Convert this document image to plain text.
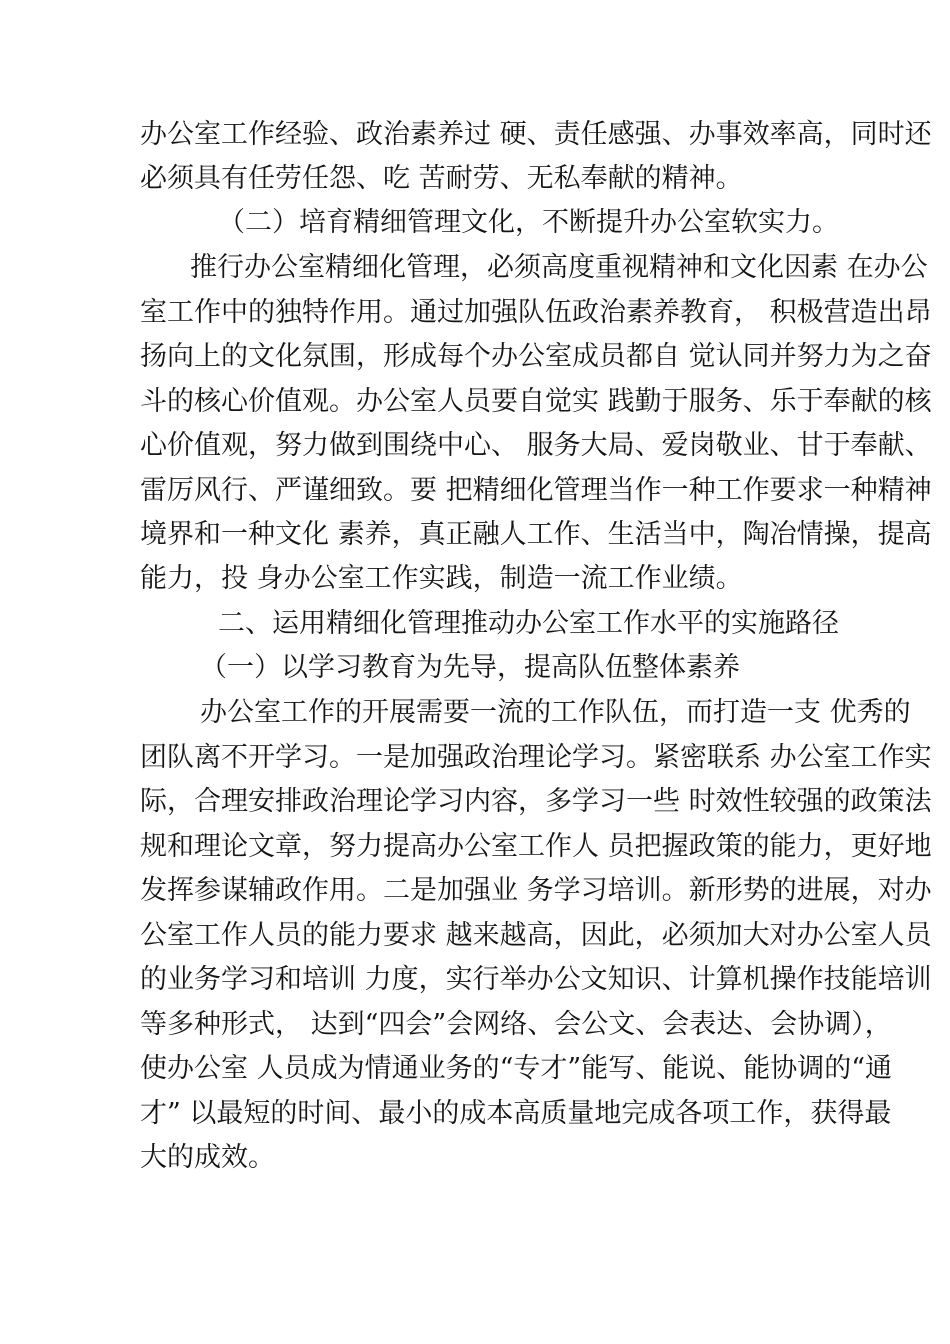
办公室工作经验、政治素养过 硬、责任感强、办事效率高，同时还
必须具有任劳任怨、吃 苦耐劳、无私奉献的精神。
（二）培育精细管理文化，不断提升办公室软实力。
推行办公室精细化管理，必须高度重视精神和文化因素 在办公
室工作中的独特作用。通过加强队伍政治素养教育， 积极营造出昂
扬向上的文化氛围，形成每个办公室成员都自 觉认同并努力为之奋
斗的核心价值观。办公室人员要自觉实 践勤于服务、乐于奉献的核
心价值观，努力做到围绕中心、 服务大局、爱岗敬业、甘于奉献、
雷厉风行、严谨细致。要 把精细化管理当作一种工作要求一种精神
境界和一种文化 素养，真正融人工作、生活当中，陶冶情操，提高
能力，投 身办公室工作实践，制造一流工作业绩。
二、运用精细化管理推动办公室工作水平的实施路径
（一）以学习教育为先导，提高队伍整体素养
办公室工作的开展需要一流的工作队伍，而打造一支 优秀的
团队离不开学习。一是加强政治理论学习。紧密联系 办公室工作实
际，合理安排政治理论学习内容，多学习一些 时效性较强的政策法
规和理论文章，努力提高办公室工作人 员把握政策的能力，更好地
发挥参谋辅政作用。二是加强业 务学习培训。新形势的进展，对办
公室工作人员的能力要求 越来越高，因此，必须加大对办公室人员
的业务学习和培训 力度，实行举办公文知识、计算机操作技能培训
等多种形式， 达到“四会”会网络、会公文、会表达、会协调），
使办公室 人员成为情通业务的“专才”能写、能说、能协调的“通
才” 以最短的时间、最小的成本高质量地完成各项工作，获得最
大的成效。
